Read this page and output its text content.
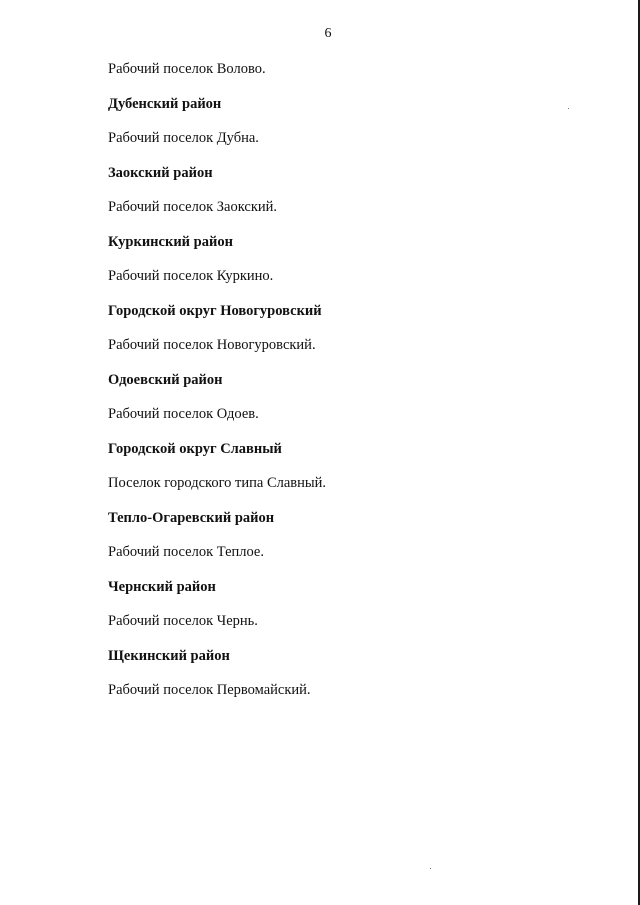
6
Рабочий поселок Волово.
Дубенский район
Рабочий поселок Дубна.
Заокский район
Рабочий поселок Заокский.
Куркинский район
Рабочий поселок Куркино.
Городской округ Новогуровский
Рабочий поселок Новогуровский.
Одоевский район
Рабочий поселок Одоев.
Городской округ Славный
Поселок городского типа Славный.
Тепло-Огаревский район
Рабочий поселок Теплое.
Чернский район
Рабочий поселок Чернь.
Щекинский район
Рабочий поселок Первомайский.
